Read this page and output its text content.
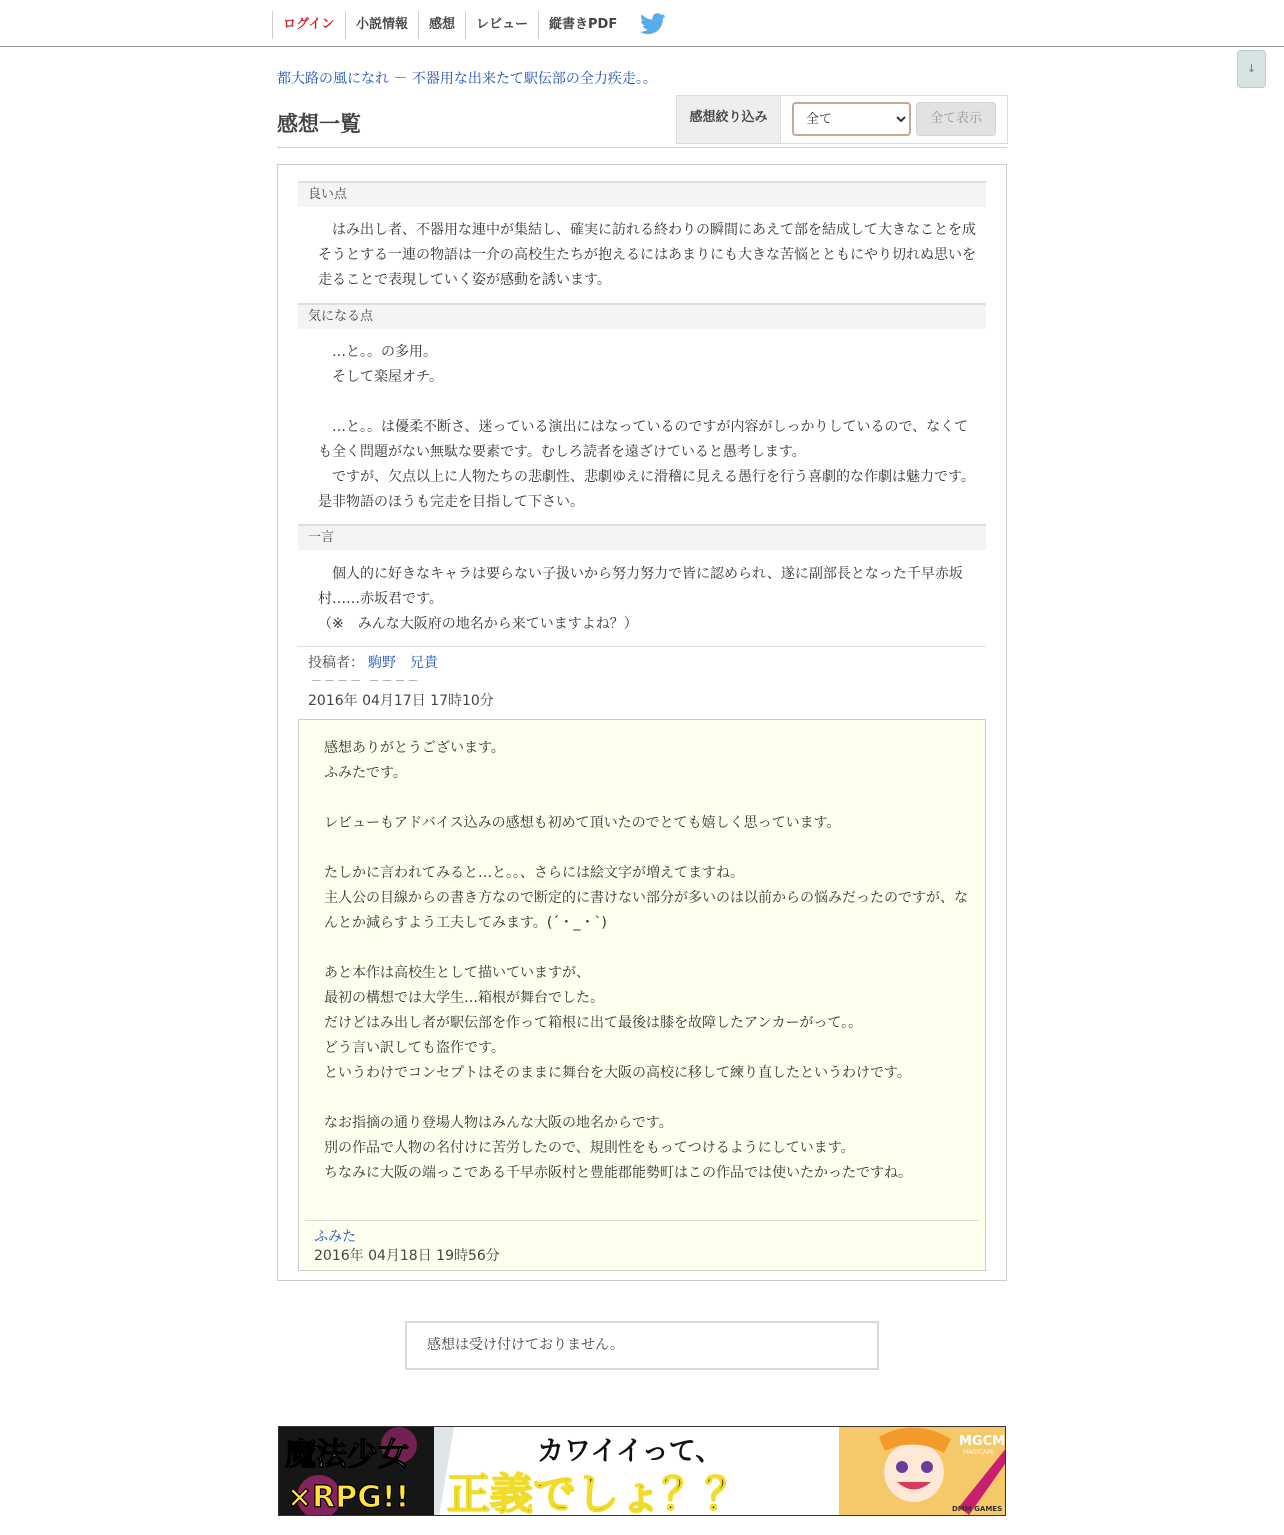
ログイン	小説情報	感想	レビュー	縦書きPDF
↓
都大路の風になれ － 不器用な出来たて駅伝部の全力疾走。。
感想一覧	感想絞り込み
全て	全て表示
良い点

　はみ出し者、不器用な連中が集結し、確実に訪れる終わりの瞬間にあえて部を結成して大きなことを成そうとする一連の物語は一介の高校生たちが抱えるにはあまりにも大きな苦悩とともにやり切れぬ思いを走ることで表現していく姿が感動を誘います。

気になる点

　…と。。の多用。
　そして楽屋オチ。

　…と。。は優柔不断さ、迷っている演出にはなっているのですが内容がしっかりしているので、なくても全く問題がない無駄な要素です。むしろ読者を遠ざけていると愚考します。
　ですが、欠点以上に人物たちの悲劇性、悲劇ゆえに滑稽に見える愚行を行う喜劇的な作劇は魅力です。是非物語のほうも完走を目指して下さい。

一言

　個人的に好きなキャラは要らない子扱いから努力努力で皆に認められ、遂に副部長となった千早赤坂村……赤坂君です。
（※　みんな大阪府の地名から来ていますよね？）

投稿者： 駒野　兄貴
－－－－ －－－－
2016年 04月17日 17時10分

感想ありがとうございます。
ふみたです。

レビューもアドバイス込みの感想も初めて頂いたのでとても嬉しく思っています。

たしかに言われてみると…と。。、さらには絵文字が増えてますね。
主人公の目線からの書き方なので断定的に書けない部分が多いのは以前からの悩みだったのですが、なんとか減らすよう工夫してみます。(´・_・`)

あと本作は高校生として描いていますが、
最初の構想では大学生…箱根が舞台でした。
だけどはみ出し者が駅伝部を作って箱根に出て最後は膝を故障したアンカーがって。。
どう言い訳しても盗作です。
というわけでコンセプトはそのままに舞台を大阪の高校に移して練り直したというわけです。

なお指摘の通り登場人物はみんな大阪の地名からです。
別の作品で人物の名付けに苦労したので、規則性をもってつけるようにしています。
ちなみに大阪の端っこである千早赤阪村と豊能郡能勢町はこの作品では使いたかったですね。

ふみた
2016年 04月18日 19時56分
感想は受け付けておりません。
魔法少女
×RPG!!
カワイイって、
正義でしょ？？
MGCM
MAGICAMI
DMM GAMES
